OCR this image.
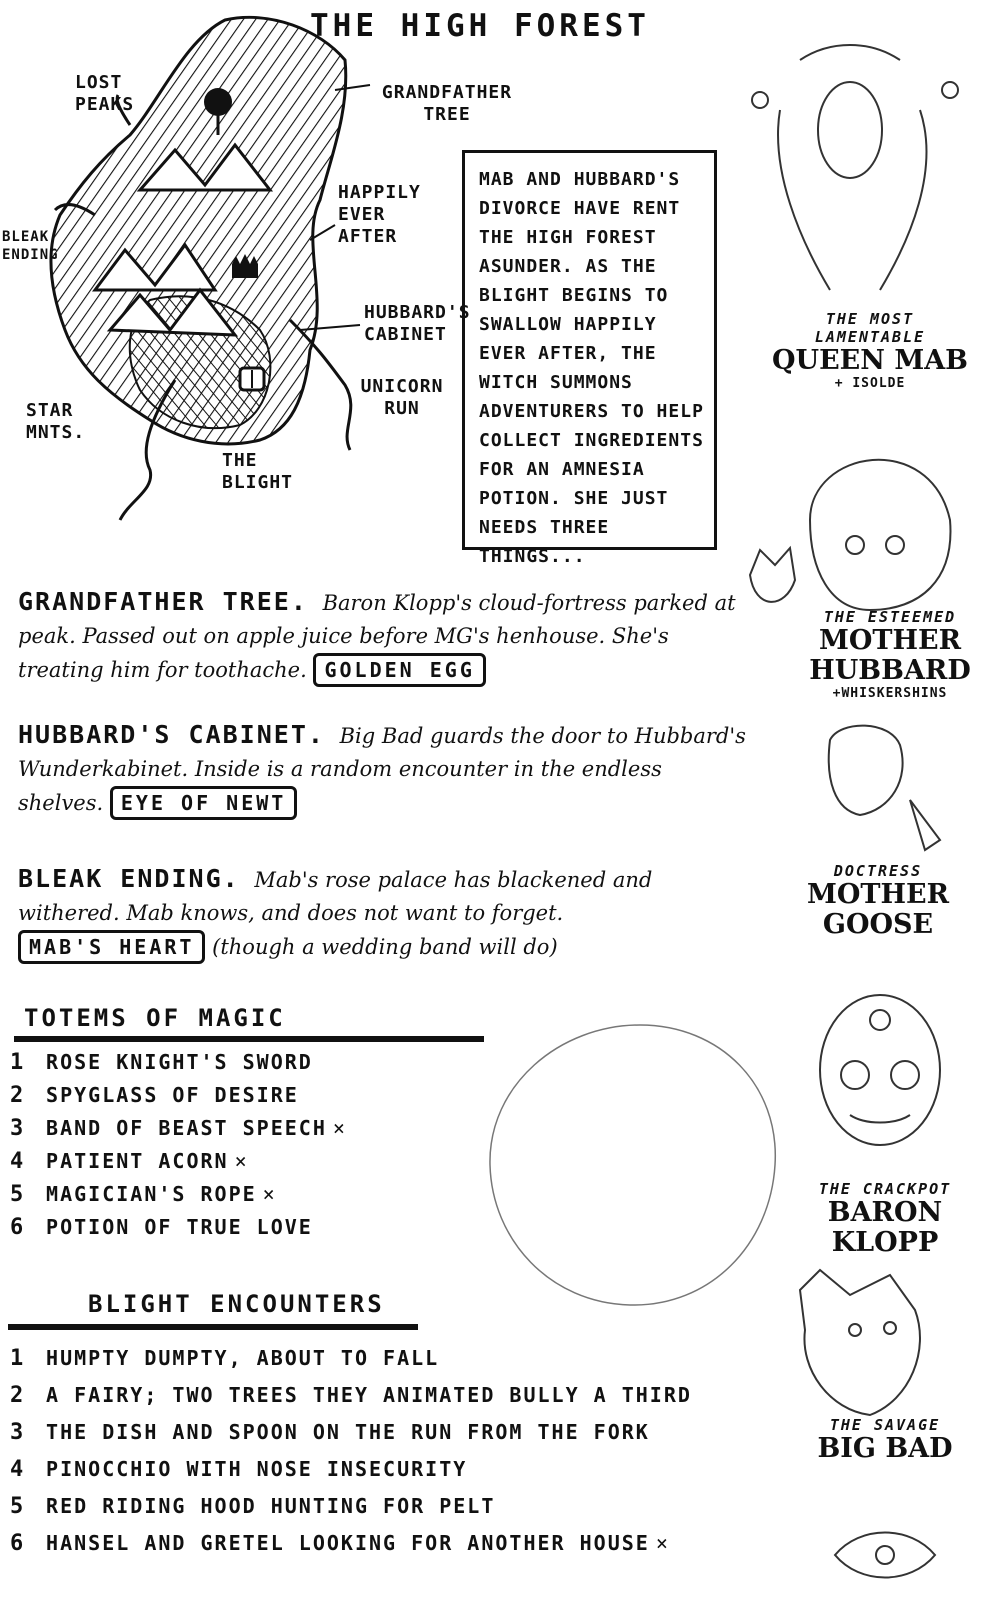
THE HIGH FOREST
LOST PEAKS
GRANDFATHER TREE
HAPPILY EVER AFTER
BLEAK ENDING
HUBBARD'S CABINET
UNICORN RUN
STAR MNTS.
THE BLIGHT
MAB AND HUBBARD'S DIVORCE HAVE RENT THE HIGH FOREST ASUNDER. AS THE BLIGHT BEGINS TO SWALLOW HAPPILY EVER AFTER, THE WITCH SUMMONS ADVENTURERS TO HELP COLLECT INGREDIENTS FOR AN AMNESIA POTION. SHE JUST NEEDS THREE THINGS...
GRANDFATHER TREE. Baron Klopp's cloud-fortress parked at peak. Passed out on apple juice before MG's henhouse. She's treating him for toothache. GOLDEN EGG
HUBBARD'S CABINET. Big Bad guards the door to Hubbard's Wunderkabinet. Inside is a random encounter in the endless shelves. EYE OF NEWT
BLEAK ENDING. Mab's rose palace has blackened and withered. Mab knows, and does not want to forget. MAB'S HEART (though a wedding band will do)
TOTEMS OF MAGIC
1 ROSE KNIGHT'S SWORD
2 SPYGLASS OF DESIRE
3 BAND OF BEAST SPEECH ×
4 PATIENT ACORN ×
5 MAGICIAN'S ROPE ×
6 POTION OF TRUE LOVE
BLIGHT ENCOUNTERS
1 HUMPTY DUMPTY, ABOUT TO FALL
2 A FAIRY; TWO TREES THEY ANIMATED BULLY A THIRD
3 THE DISH AND SPOON ON THE RUN FROM THE FORK
4 PINOCCHIO WITH NOSE INSECURITY
5 RED RIDING HOOD HUNTING FOR PELT
6 HANSEL AND GRETEL LOOKING FOR ANOTHER HOUSE ×
THE MOST LAMENTABLE
QUEEN MAB
+ ISOLDE
THE ESTEEMED
MOTHER HUBBARD
+WHISKERSHINS
DOCTRESS
MOTHER GOOSE
THE CRACKPOT
BARON KLOPP
THE SAVAGE
BIG BAD
